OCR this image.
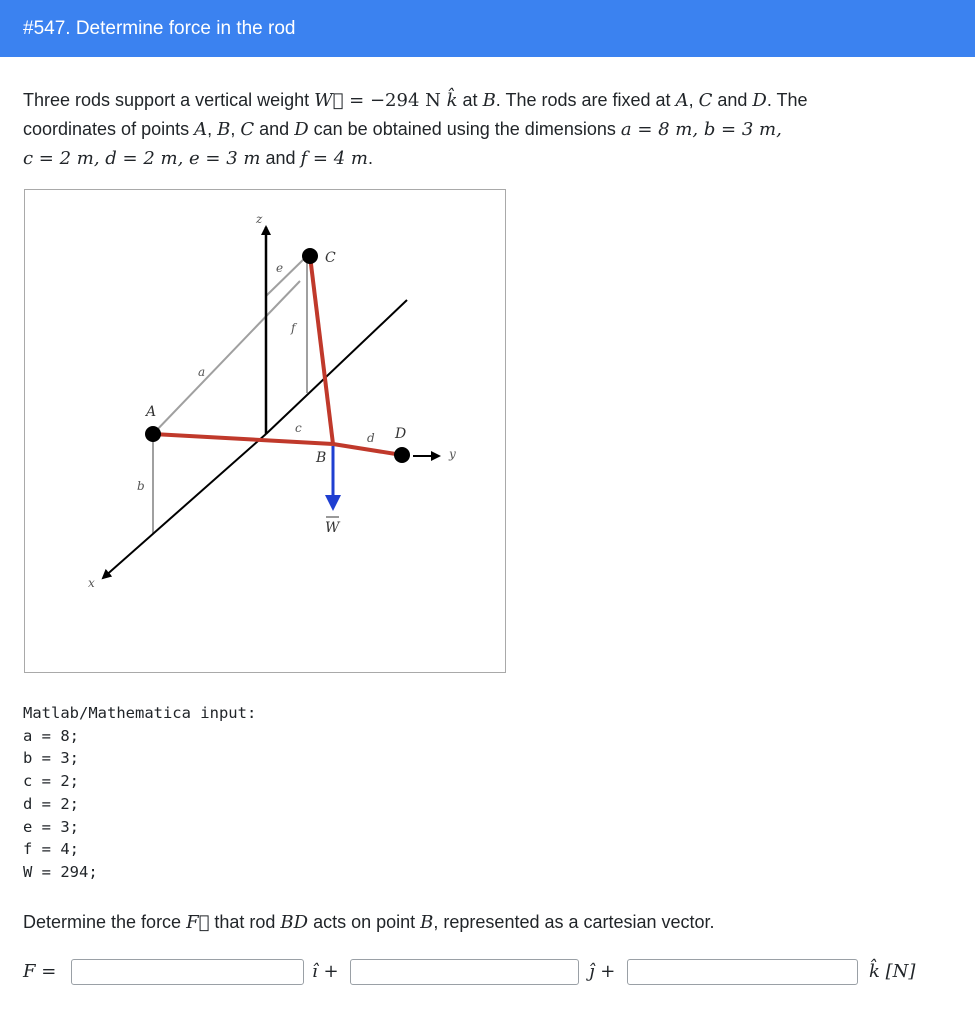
#547. Determine force in the rod
Three rods support a vertical weight W⃗ = −294 N k̂ at B. The rods are fixed at A, C and D. The
coordinates of points A, B, C and D can be obtained using the dimensions a = 8 m, b = 3 m,
c = 2 m, d = 2 m, e = 3 m and f = 4 m.
z
x
y
A
B
C
D
a
b
c
d
e
f
W
Matlab/Mathematica input:
a = 8;
b = 3;
c = 2;
d = 2;
e = 3;
f = 4;
W = 294;
Determine the force F⃗ that rod BD acts on point B, represented as a cartesian vector.
F =	ı̂ +	ȷ̂ +	k̂ [N]
